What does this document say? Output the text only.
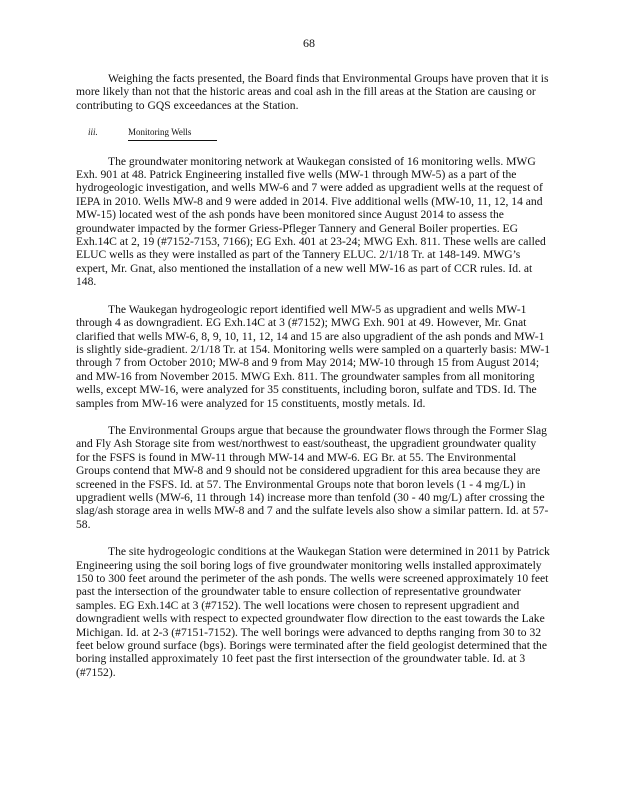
68

Weighing the facts presented, the Board finds that Environmental Groups have proven that it is more likely than not that the historic areas and coal ash in the fill areas at the Station are causing or contributing to GQS exceedances at the Station.

iii.	Monitoring Wells

The groundwater monitoring network at Waukegan consisted of 16 monitoring wells. MWG Exh. 901 at 48. Patrick Engineering installed five wells (MW-1 through MW-5) as a part of the hydrogeologic investigation, and wells MW-6 and 7 were added as upgradient wells at the request of IEPA in 2010. Wells MW-8 and 9 were added in 2014. Five additional wells (MW-10, 11, 12, 14 and MW-15) located west of the ash ponds have been monitored since August 2014 to assess the groundwater impacted by the former Griess-Pfleger Tannery and General Boiler properties. EG Exh.14C at 2, 19 (#7152-7153, 7166); EG Exh. 401 at 23-24; MWG Exh. 811. These wells are called ELUC wells as they were installed as part of the Tannery ELUC. 2/1/18 Tr. at 148-149. MWG’s expert, Mr. Gnat, also mentioned the installation of a new well MW-16 as part of CCR rules. Id. at 148.

The Waukegan hydrogeologic report identified well MW-5 as upgradient and wells MW-1 through 4 as downgradient. EG Exh.14C at 3 (#7152); MWG Exh. 901 at 49. However, Mr. Gnat clarified that wells MW-6, 8, 9, 10, 11, 12, 14 and 15 are also upgradient of the ash ponds and MW-1 is slightly side-gradient. 2/1/18 Tr. at 154. Monitoring wells were sampled on a quarterly basis: MW-1 through 7 from October 2010; MW-8 and 9 from May 2014; MW-10 through 15 from August 2014; and MW-16 from November 2015. MWG Exh. 811. The groundwater samples from all monitoring wells, except MW-16, were analyzed for 35 constituents, including boron, sulfate and TDS. Id. The samples from MW-16 were analyzed for 15 constituents, mostly metals. Id.

The Environmental Groups argue that because the groundwater flows through the Former Slag and Fly Ash Storage site from west/northwest to east/southeast, the upgradient groundwater quality for the FSFS is found in MW-11 through MW-14 and MW-6. EG Br. at 55. The Environmental Groups contend that MW-8 and 9 should not be considered upgradient for this area because they are screened in the FSFS. Id. at 57. The Environmental Groups note that boron levels (1 - 4 mg/L) in upgradient wells (MW-6, 11 through 14) increase more than tenfold (30 - 40 mg/L) after crossing the slag/ash storage area in wells MW-8 and 7 and the sulfate levels also show a similar pattern. Id. at 57-58.

The site hydrogeologic conditions at the Waukegan Station were determined in 2011 by Patrick Engineering using the soil boring logs of five groundwater monitoring wells installed approximately 150 to 300 feet around the perimeter of the ash ponds. The wells were screened approximately 10 feet past the intersection of the groundwater table to ensure collection of representative groundwater samples. EG Exh.14C at 3 (#7152). The well locations were chosen to represent upgradient and downgradient wells with respect to expected groundwater flow direction to the east towards the Lake Michigan. Id. at 2-3 (#7151-7152). The well borings were advanced to depths ranging from 30 to 32 feet below ground surface (bgs). Borings were terminated after the field geologist determined that the boring installed approximately 10 feet past the first intersection of the groundwater table. Id. at 3 (#7152).
